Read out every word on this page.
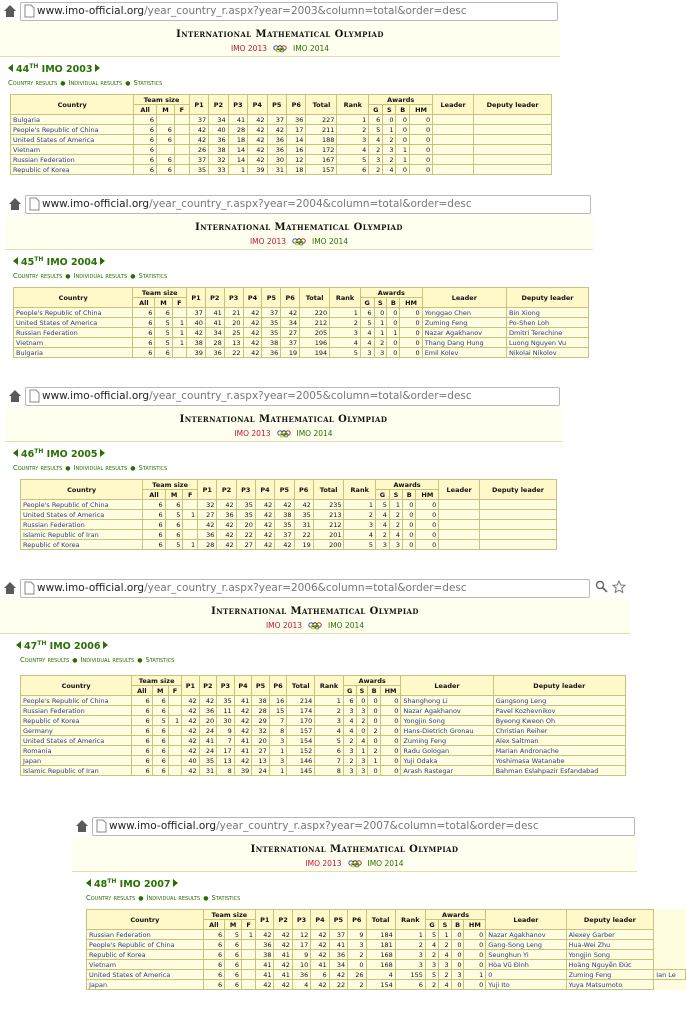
www.imo-official.org/year_country_r.aspx?year=2003&column=total&order=desc
International Mathematical Olympiad
IMO 2013	IMO 2014
44TH IMO 2003
Country results ● Individual results ● Statistics
Country	Team size			P1	P2	P3	P4	P5	P6	Total	Rank	Awards				Leader	Deputy leader
	All	M	F									G	S	B	HM		
Bulgaria	6			37	34	41	42	37	36	227	1	6	0	0	0		
People's Republic of China	6	6		42	40	28	42	42	17	211	2	5	1	0	0		
United States of America	6	6		42	36	18	42	36	14	188	3	4	2	0	0		
Vietnam	6			26	38	14	42	36	16	172	4	2	3	1	0		
Russian Federation	6	6		37	32	14	42	30	12	167	5	3	2	1	0		
Republic of Korea	6	6		35	33	1	39	31	18	157	6	2	4	0	0		
www.imo-official.org/year_country_r.aspx?year=2004&column=total&order=desc
International Mathematical Olympiad
IMO 2013	IMO 2014
45TH IMO 2004
Country results ● Individual results ● Statistics
Country	Team size			P1	P2	P3	P4	P5	P6	Total	Rank	Awards				Leader	Deputy leader
	All	M	F									G	S	B	HM		
People's Republic of China	6	6		37	41	21	42	37	42	220	1	6	0	0	0	Yonggao Chen	Bin Xiong
United States of America	6	5	1	40	41	20	42	35	34	212	2	5	1	0	0	Zuming Feng	Po-Shen Loh
Russian Federation	6	5	1	42	34	25	42	35	27	205	3	4	1	1	0	Nazar Agakhanov	Dmitri Terechine
Vietnam	6	5	1	38	28	13	42	38	37	196	4	4	2	0	0	Thang Dang Hung	Luong Nguyen Vu
Bulgaria	6	6		39	36	22	42	36	19	194	5	3	3	0	0	Emil Kolev	Nikolai Nikolov
www.imo-official.org/year_country_r.aspx?year=2005&column=total&order=desc
International Mathematical Olympiad
IMO 2013	IMO 2014
46TH IMO 2005
Country results ● Individual results ● Statistics
Country	Team size			P1	P2	P3	P4	P5	P6	Total	Rank	Awards				Leader	Deputy leader
	All	M	F									G	S	B	HM		
People's Republic of China	6	6		32	42	35	42	42	42	235	1	5	1	0	0		
United States of America	6	5	1	27	36	35	42	38	35	213	2	4	2	0	0		
Russian Federation	6	6		42	42	20	42	35	31	212	3	4	2	0	0		
Islamic Republic of Iran	6	6		36	42	22	42	37	22	201	4	2	4	0	0		
Republic of Korea	6	5	1	28	42	27	42	42	19	200	5	3	3	0	0		
www.imo-official.org/year_country_r.aspx?year=2006&column=total&order=desc
International Mathematical Olympiad
IMO 2013	IMO 2014
47TH IMO 2006
Country results ● Individual results ● Statistics
Country	Team size			P1	P2	P3	P4	P5	P6	Total	Rank	Awards				Leader	Deputy leader
	All	M	F									G	S	B	HM		
People's Republic of China	6	6		42	42	35	41	38	16	214	1	6	0	0	0	Shanghong Li	Gangsong Leng
Russian Federation	6	6		42	36	11	42	28	15	174	2	3	3	0	0	Nazar Agakhanov	Pavel Kozhevnikov
Republic of Korea	6	5	1	42	20	30	42	29	7	170	3	4	2	0	0	Yongjin Song	Byeong Kweon Oh
Germany	6	6		42	24	9	42	32	8	157	4	4	0	2	0	Hans-Dietrich Gronau	Christian Reiher
United States of America	6	6		42	41	7	41	20	3	154	5	2	4	0	0	Zuming Feng	Alex Saltman
Romania	6	6		42	24	17	41	27	1	152	6	3	1	2	0	Radu Gologan	Marian Andronache
Japan	6	6		40	35	13	42	13	3	146	7	2	3	1	0	Yuji Odaka	Yoshimasa Watanabe
Islamic Republic of Iran	6	6		42	31	8	39	24	1	145	8	3	3	0	0	Arash Rastegar	Bahman Eslahpazir Esfandabad
www.imo-official.org/year_country_r.aspx?year=2007&column=total&order=desc
International Mathematical Olympiad
IMO 2013	IMO 2014
48TH IMO 2007
Country results ● Individual results ● Statistics
Country	Team size			P1	P2	P3	P4	P5	P6	Total	Rank	Awards				Leader	Deputy leader	
	All	M	F									G	S	B	HM			
Russian Federation	6	5	1	42	42	12	42	37	9	184	1	5	1	0	0	Nazar Agakhanov	Alexey Garber	
People's Republic of China	6	6		36	42	17	42	41	3	181	2	4	2	0	0	Gang-Song Leng	Hua-Wei Zhu	
Republic of Korea	6	6		38	41	9	42	36	2	168	3	2	4	0	0	Seunghun Yi	Yongjin Song	
Vietnam	6	6		41	42	10	41	34	0	168	3	3	3	0	0	Hòa Vũ Đình	Hoàng Nguyễn Đức	
United States of America	6	6		41	41	36	6	42	26	4	155	5	2	3	1	0	Zuming Feng	Ian Le
Japan	6	6		42	42	4	42	22	2	154	6	2	4	0	0	Yuji Ito	Yuya Matsumoto	
